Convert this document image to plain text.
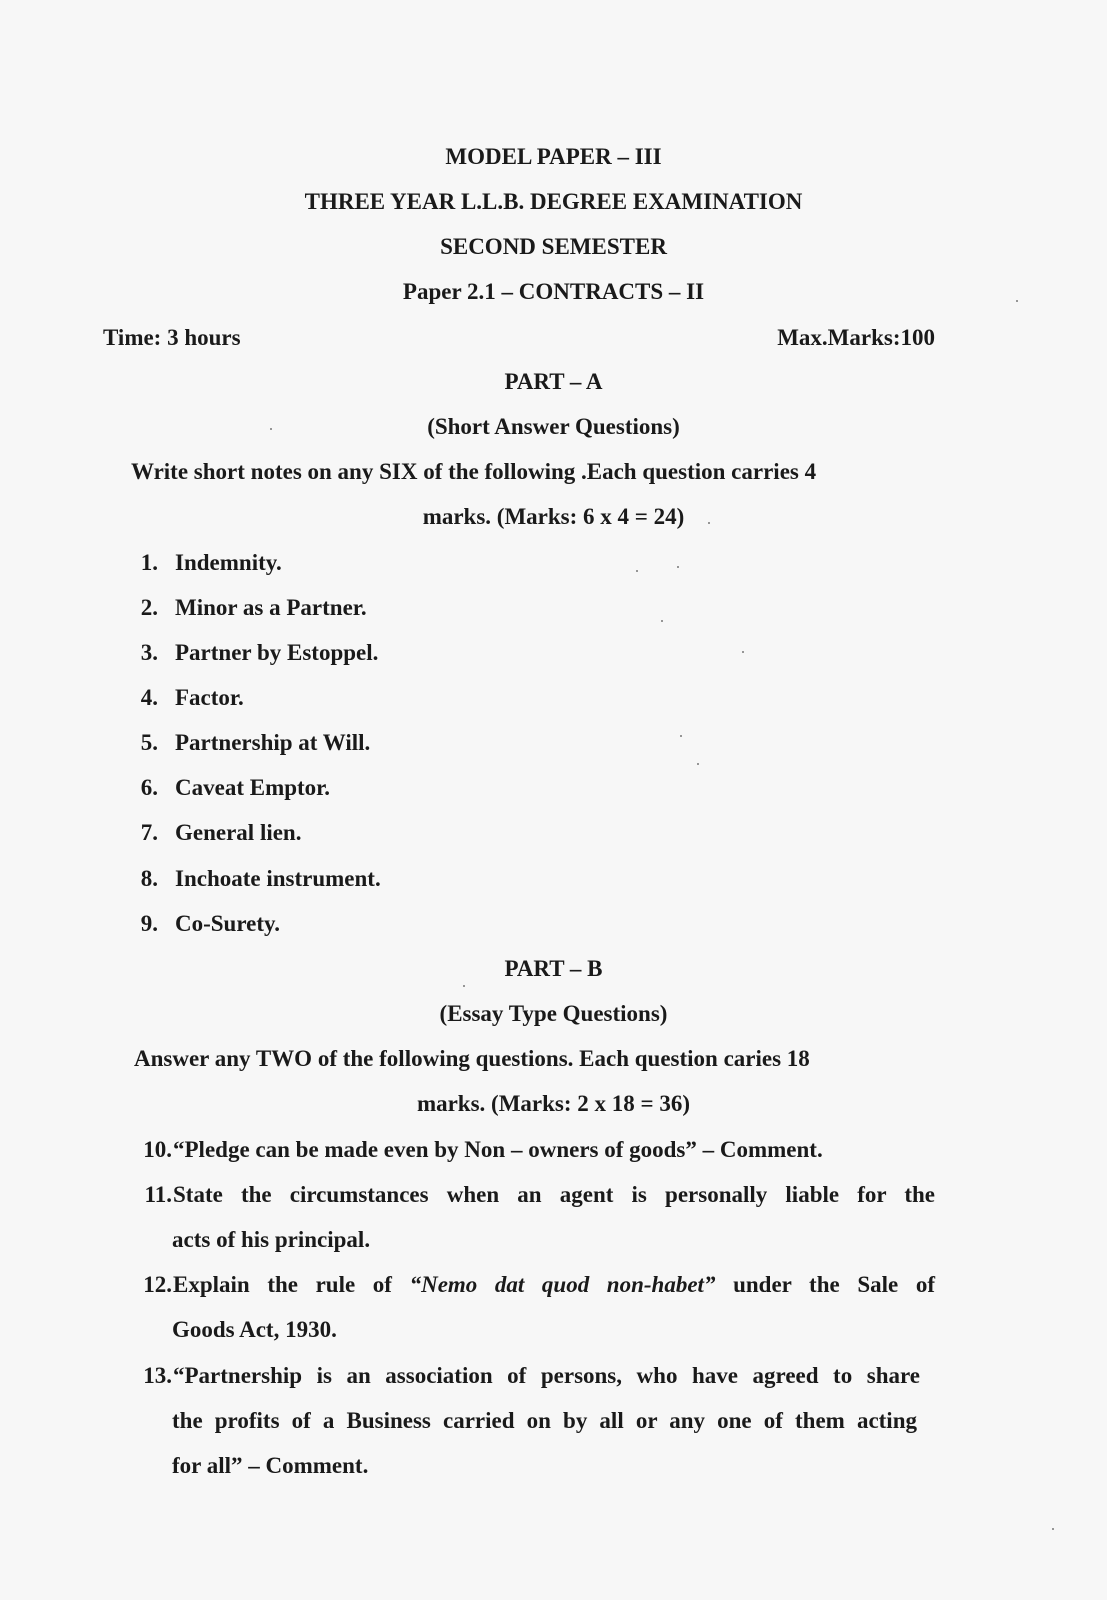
MODEL PAPER – III
THREE YEAR L.L.B. DEGREE EXAMINATION
SECOND SEMESTER
Paper 2.1 – CONTRACTS – II
Time: 3 hours	Max.Marks:100
PART – A
(Short Answer Questions)
Write short notes on any SIX of the following .Each question carries 4
marks. (Marks: 6 x 4 = 24)
1. Indemnity.
2. Minor as a Partner.
3. Partner by Estoppel.
4. Factor.
5. Partnership at Will.
6. Caveat Emptor.
7. General lien.
8. Inchoate instrument.
9. Co-Surety.
PART – B
(Essay Type Questions)
Answer any TWO of the following questions. Each question caries 18
marks. (Marks: 2 x 18 = 36)
10. “Pledge can be made even by Non – owners of goods” – Comment.
11. State the circumstances when an agent is personally liable for the
acts of his principal.
12. Explain the rule of “Nemo dat quod non-habet” under the Sale of
Goods Act, 1930.
13. “Partnership is an association of persons, who have agreed to share
the profits of a Business carried on by all or any one of them acting
for all” – Comment.
